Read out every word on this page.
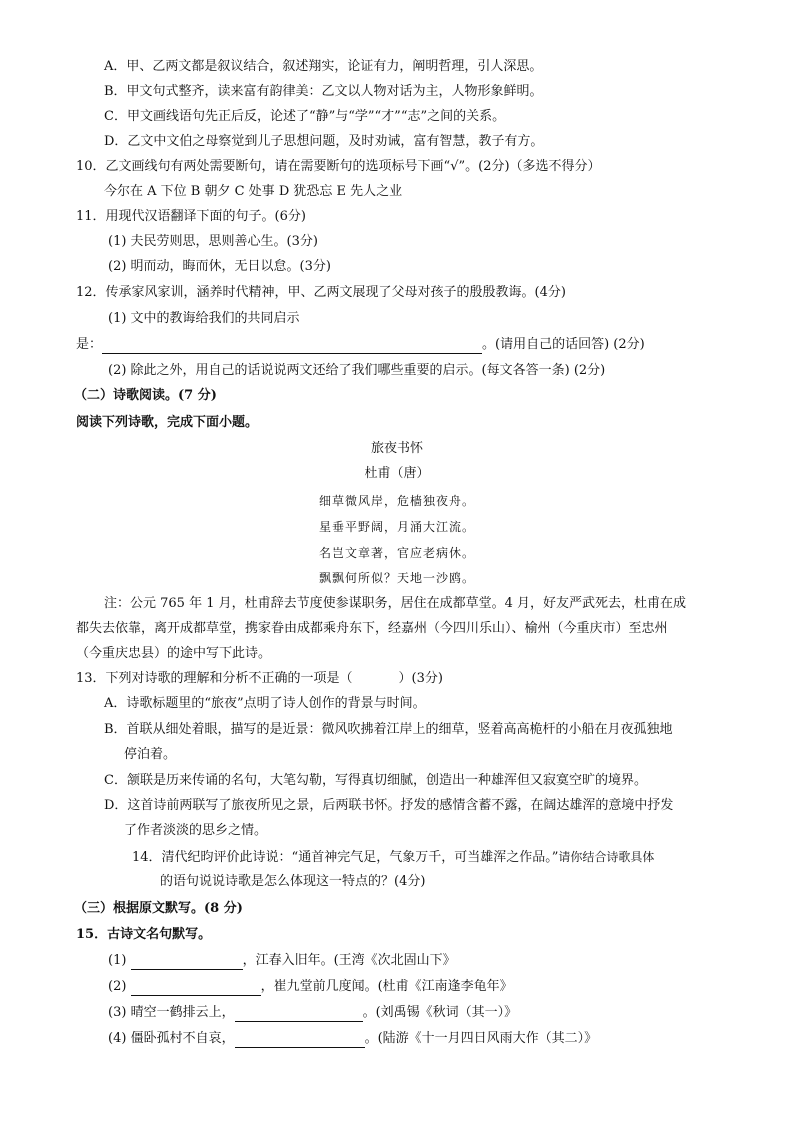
A．甲、乙两文都是叙议结合，叙述翔实，论证有力，阐明哲理，引人深思。
B．甲文句式整齐，读来富有韵律美：乙文以人物对话为主，人物形象鲜明。
C．甲文画线语句先正后反，论述了“静”与“学”“才”“志”之间的关系。
D．乙文中文伯之母察觉到儿子思想问题，及时劝诫，富有智慧，教子有方。
10．乙文画线句有两处需要断句，请在需要断句的选项标号下画“√”。(2分)（多选不得分）
今尔在 A 下位 B 朝夕 C 处事 D 犹恐忘 E 先人之业
11．用现代汉语翻译下面的句子。(6分)
(1) 夫民劳则思，思则善心生。(3分)
(2) 明而动，晦而休，无日以怠。(3分)
12．传承家风家训，涵养时代精神，甲、乙两文展现了父母对孩子的殷殷教诲。(4分)
(1) 文中的教诲给我们的共同启示
是：	。(请用自己的话回答) (2分)
(2) 除此之外，用自己的话说说两文还给了我们哪些重要的启示。(每文各答一条) (2分)
（二）诗歌阅读。(7 分)
阅读下列诗歌，完成下面小题。
旅夜书怀
杜甫（唐）
细草微风岸，危樯独夜舟。
星垂平野阔，月涌大江流。
名岂文章著，官应老病休。
飘飘何所似？天地一沙鸥。
注：公元 765 年 1 月，杜甫辞去节度使参谋职务，居住在成都草堂。4 月，好友严武死去，杜甫在成
都失去依靠，离开成都草堂，携家眷由成都乘舟东下，经嘉州（今四川乐山）、榆州（今重庆市）至忠州
（今重庆忠县）的途中写下此诗。
13．下列对诗歌的理解和分析不正确的一项是（	）(3分)
A．诗歌标题里的“旅夜”点明了诗人创作的背景与时间。
B．首联从细处着眼，描写的是近景：微风吹拂着江岸上的细草，竖着高高桅杆的小船在月夜孤独地
停泊着。
C．颔联是历来传诵的名句，大笔勾勒，写得真切细腻，创造出一种雄浑但又寂寞空旷的境界。
D．这首诗前两联写了旅夜所见之景，后两联书怀。抒发的感情含蓄不露，在阔达雄浑的意境中抒发
了作者淡淡的思乡之情。
14．清代纪昀评价此诗说：“通首神完气足，气象万千，可当雄浑之作品。”请你结合诗歌具体
的语句说说诗歌是怎么体现这一特点的？(4分)
（三）根据原文默写。(8 分)
15．古诗文名句默写。
(1)	，江春入旧年。(王湾《次北固山下》
(2)	，崔九堂前几度闻。(杜甫《江南逢李龟年》
(3) 晴空一鹤排云上，	。(刘禹锡《秋词（其一）》
(4) 僵卧孤村不自哀，	。(陆游《十一月四日风雨大作（其二）》
